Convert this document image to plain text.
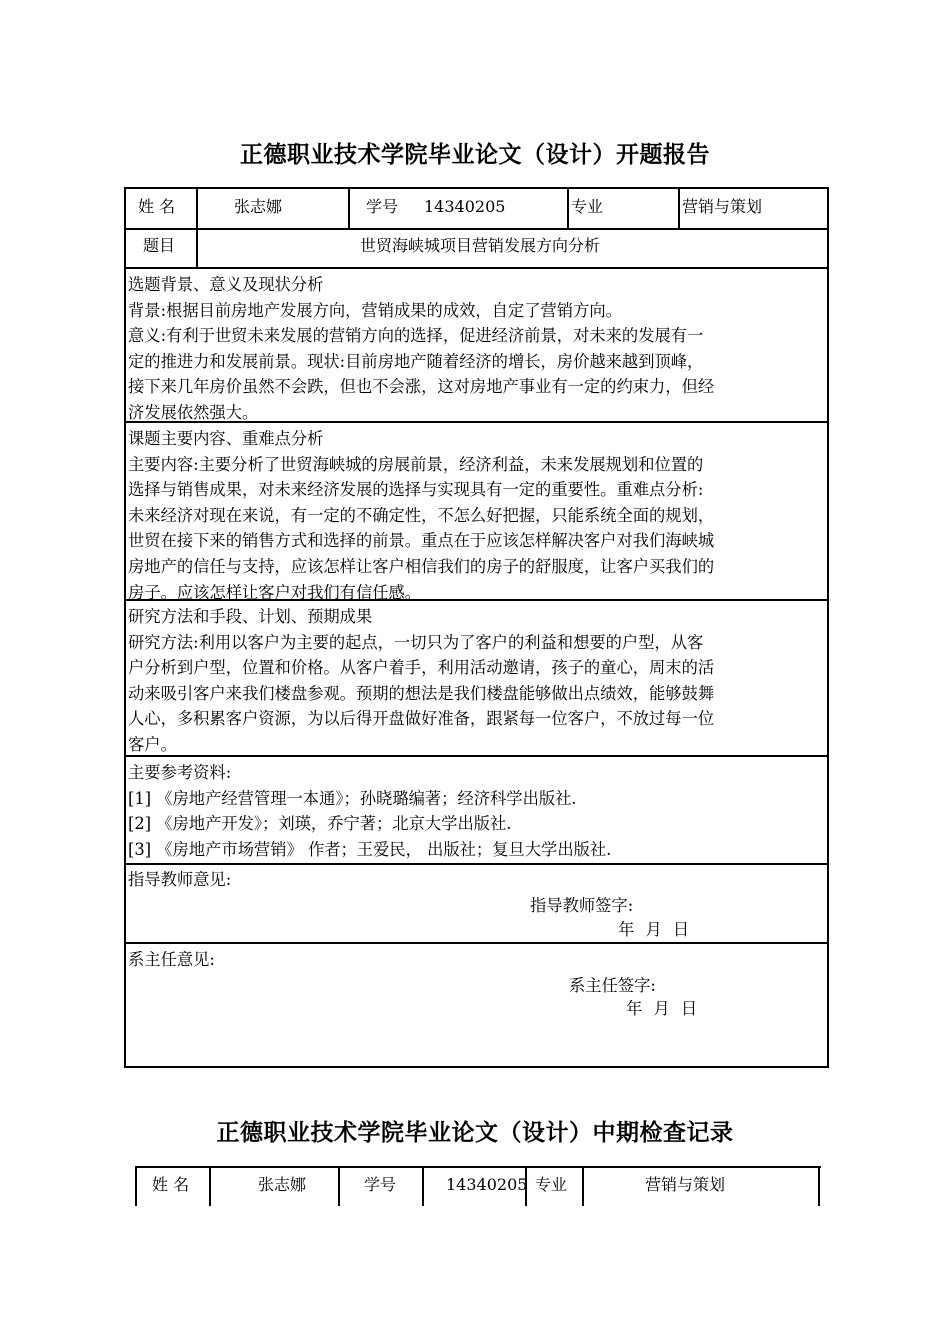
正德职业技术学院毕业论文（设计）开题报告
姓 名	张志娜	学号 14340205	专业	营销与策划
题目	世贸海峡城项目营销发展方向分析
选题背景、意义及现状分析
背景:根据目前房地产发展方向，营销成果的成效，自定了营销方向。
意义:有利于世贸未来发展的营销方向的选择，促进经济前景，对未来的发展有一
定的推进力和发展前景。现状:目前房地产随着经济的增长，房价越来越到顶峰，
接下来几年房价虽然不会跌，但也不会涨，这对房地产事业有一定的约束力，但经
济发展依然强大。
课题主要内容、重难点分析
主要内容:主要分析了世贸海峡城的房展前景，经济利益，未来发展规划和位置的
选择与销售成果，对未来经济发展的选择与实现具有一定的重要性。重难点分析:
未来经济对现在来说，有一定的不确定性，不怎么好把握，只能系统全面的规划，
世贸在接下来的销售方式和选择的前景。重点在于应该怎样解决客户对我们海峡城
房地产的信任与支持，应该怎样让客户相信我们的房子的舒服度，让客户买我们的
房子。应该怎样让客户对我们有信任感。
研究方法和手段、计划、预期成果
研究方法:利用以客户为主要的起点，一切只为了客户的利益和想要的户型，从客
户分析到户型，位置和价格。从客户着手，利用活动邀请，孩子的童心，周末的活
动来吸引客户来我们楼盘参观。预期的想法是我们楼盘能够做出点绩效，能够鼓舞
人心，多积累客户资源，为以后得开盘做好准备，跟紧每一位客户，不放过每一位
客户。
主要参考资料:
[1] 《房地产经营管理一本通》；孙晓璐编著；经济科学出版社.
[2] 《房地产开发》；刘瑛，乔宁著；北京大学出版社.
[3] 《房地产市场营销》 作者；王爱民， 出版社；复旦大学出版社.
指导教师意见:
指导教师签字:
年 月 日
系主任意见:
系主任签字:
年 月 日
正德职业技术学院毕业论文（设计）中期检查记录
姓 名	张志娜	学号	14340205 专业	营销与策划
